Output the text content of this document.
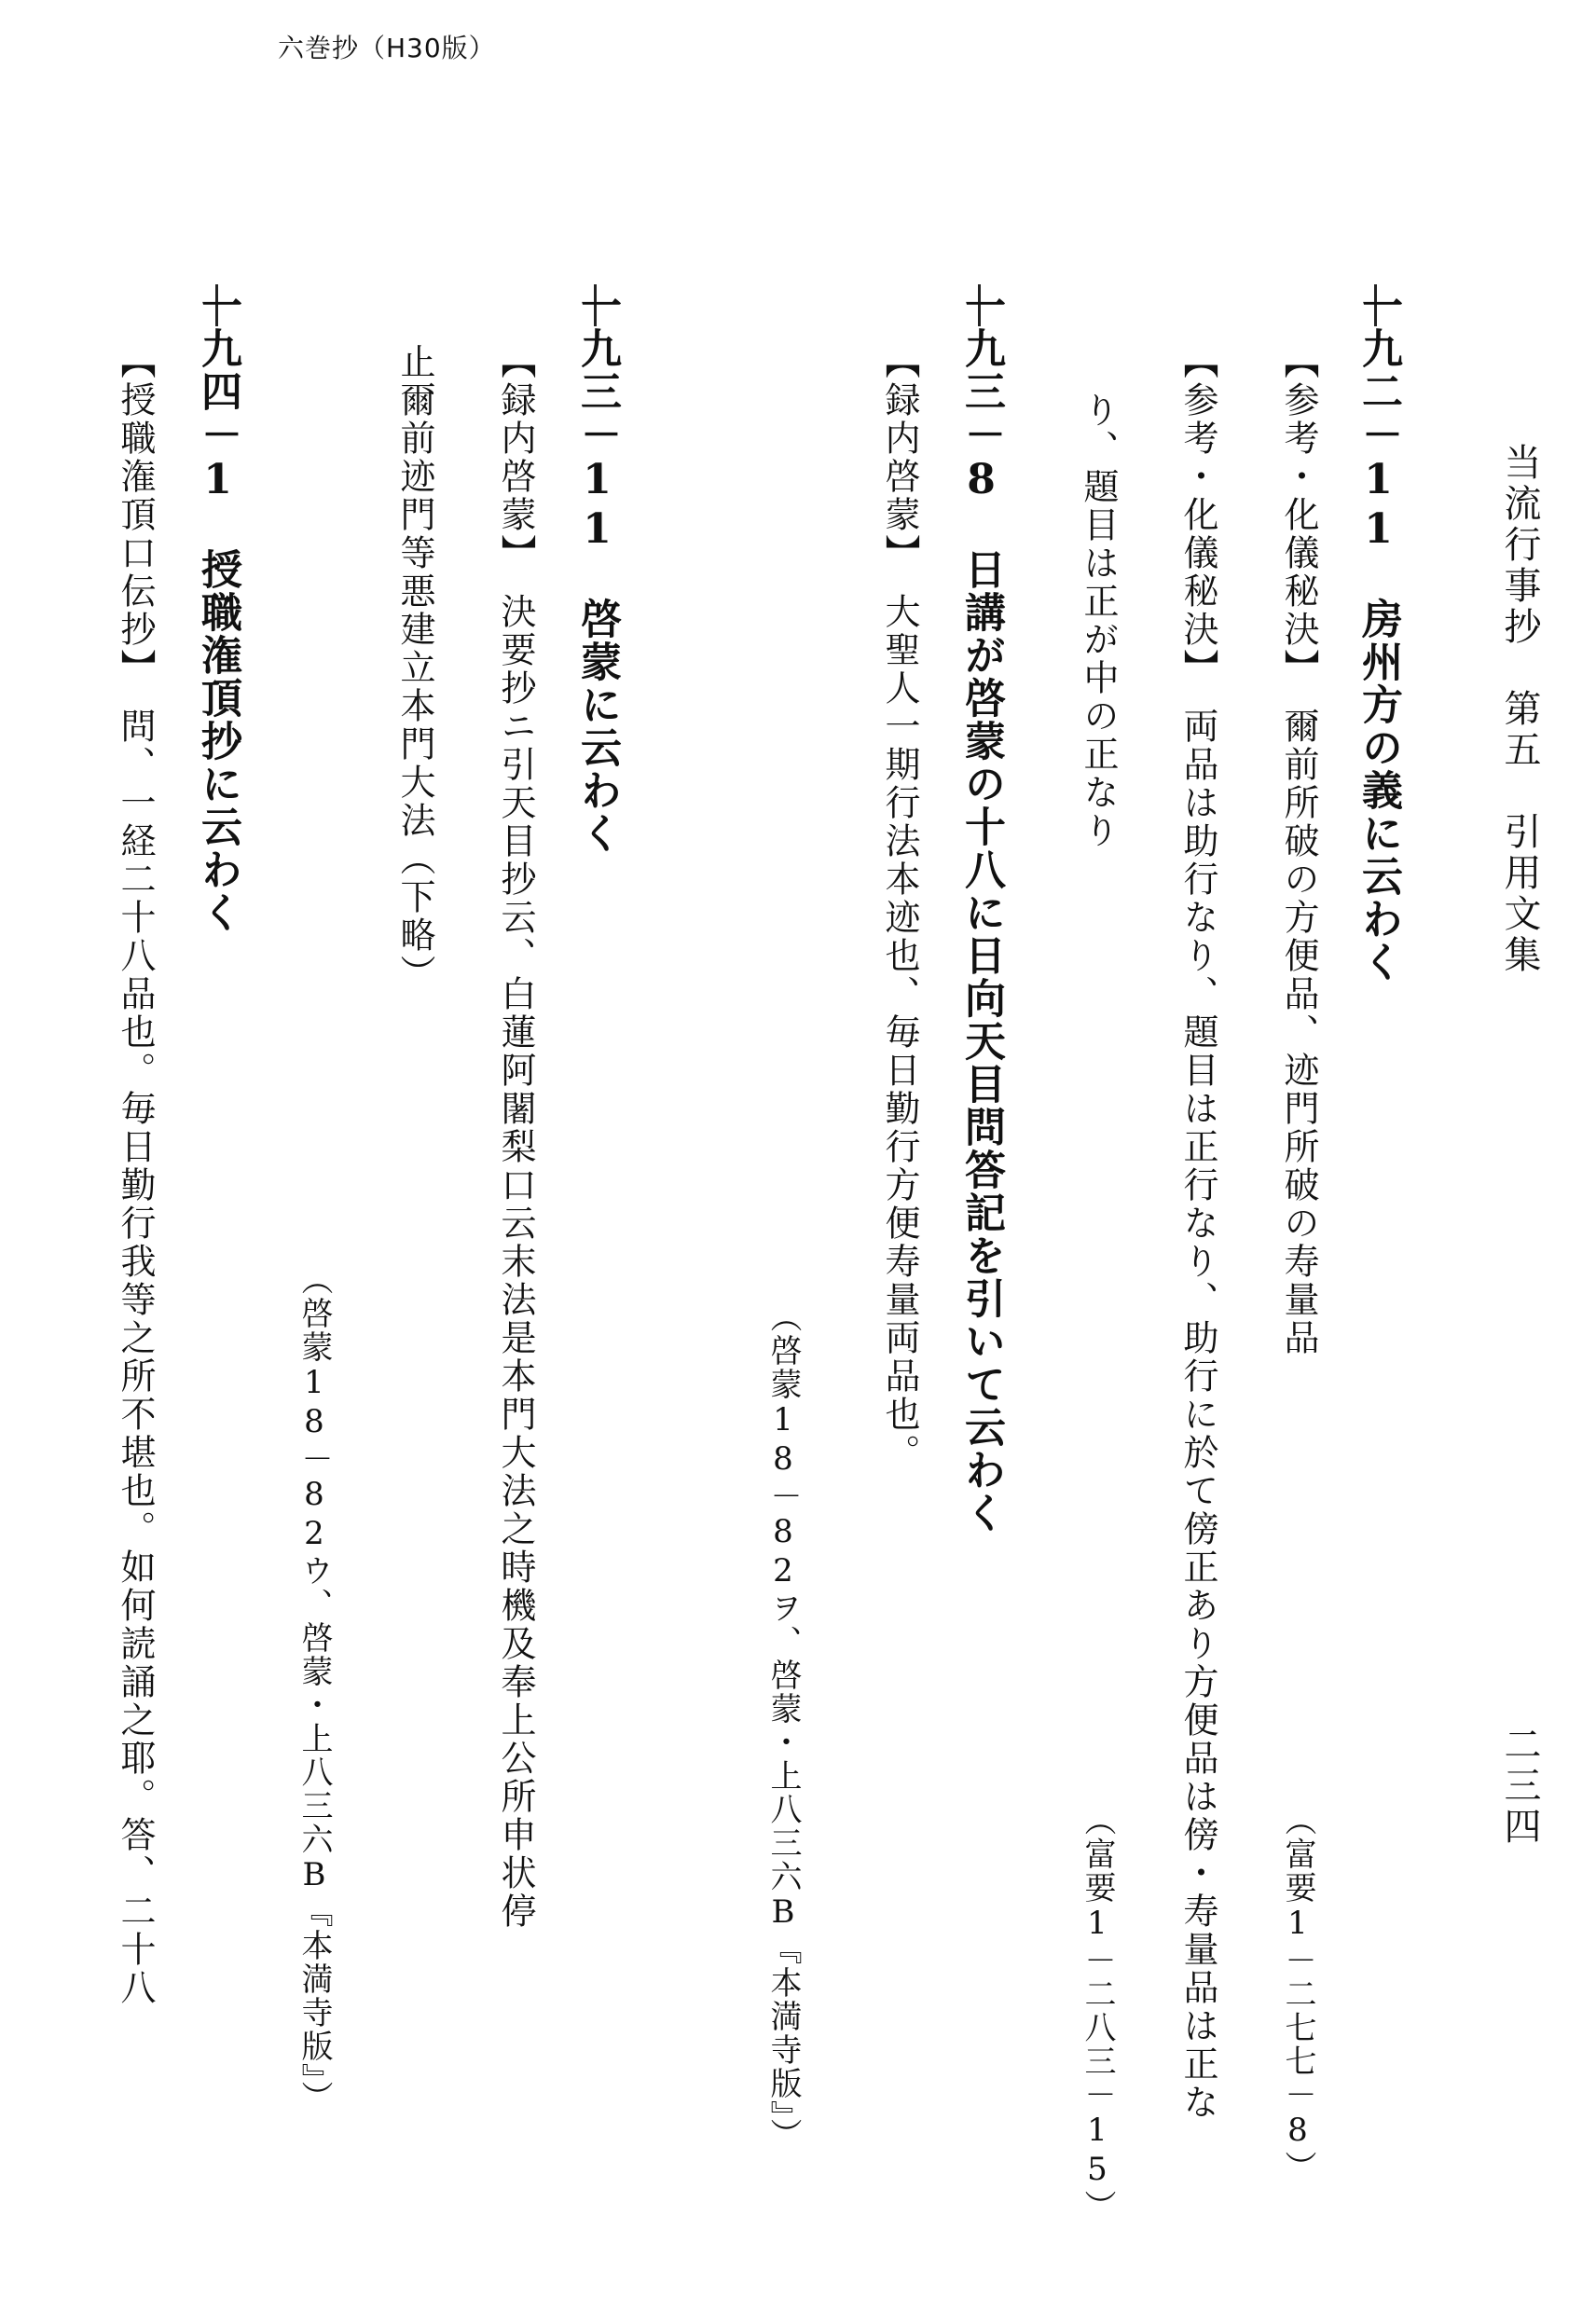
六巻抄（H30版）
当流行事抄　第五　引用文集
二三四
一九二－11　房州方の義に云わく
【参考・化儀秘決】　爾前所破の方便品、迹門所破の寿量品
（富要1－二七七－8）
【参考・化儀秘決】　両品は助行なり、題目は正行なり、助行に於て傍正あり方便品は傍・寿量品は正な
り、題目は正が中の正なり
（富要1－二八三－15）
一九三－8　日講が啓蒙の十八に日向天目問答記を引いて云わく
【録内啓蒙】　大聖人一期行法本迹也、毎日勤行方便寿量両品也。
（啓蒙18－82ヲ、啓蒙・上八三六B『本満寺版』）
一九三－11　啓蒙に云わく
【録内啓蒙】　決要抄ニ引天目抄云、白蓮阿闍梨口云末法是本門大法之時機及奉上公所申状停
止爾前迹門等悪建立本門大法（下略）
（啓蒙18－82ウ、啓蒙・上八三六B『本満寺版』）
一九四－1　授職潅頂抄に云わく
【授職潅頂口伝抄】　問、一経二十八品也。毎日勤行我等之所不堪也。如何読誦之耶。答、二十八
